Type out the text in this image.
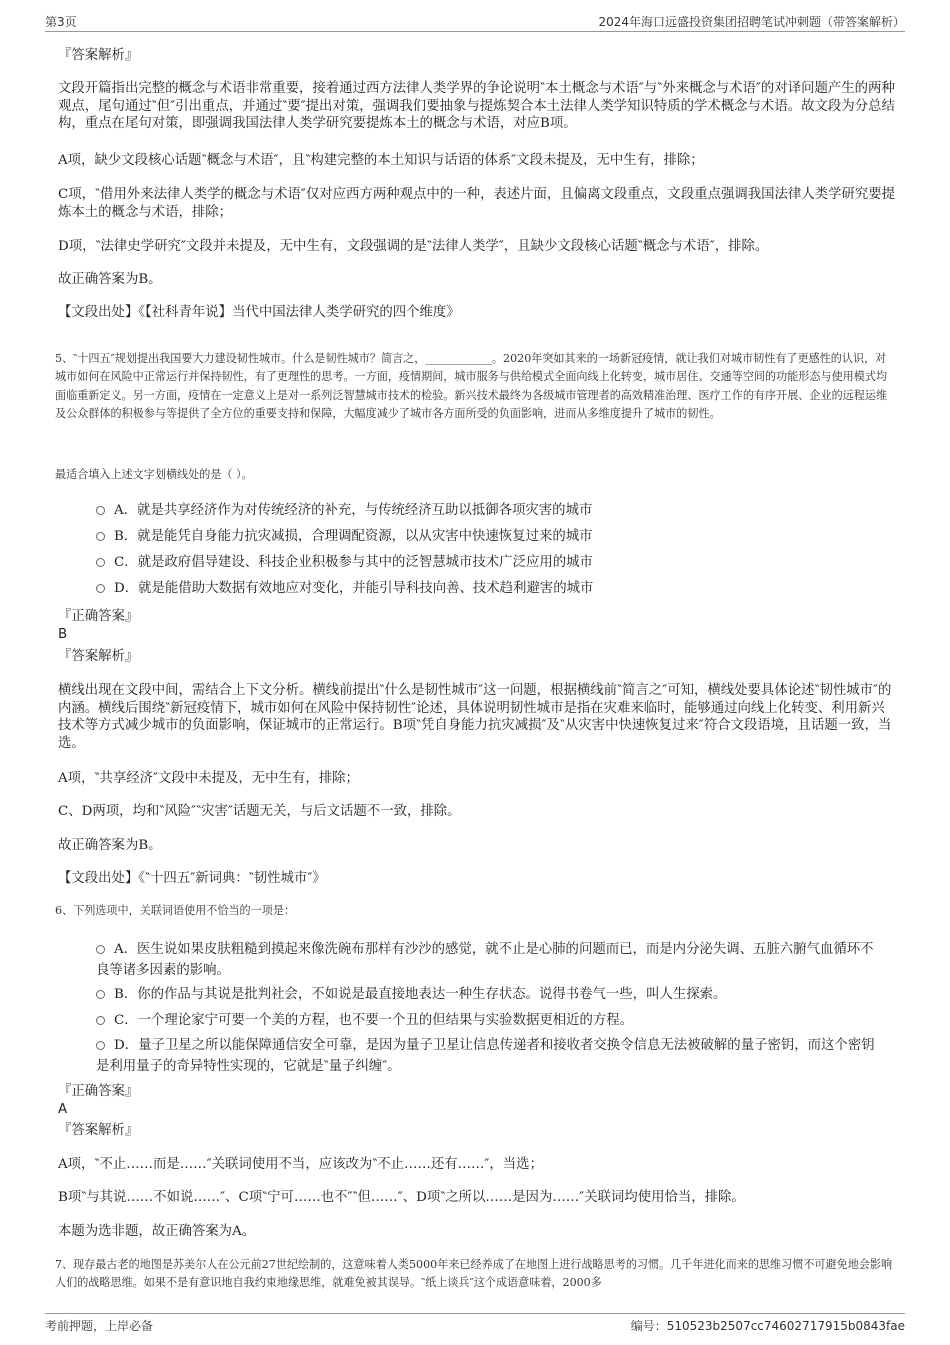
第3页	2024年海口远盛投资集团招聘笔试冲刺题（带答案解析）
『答案解析』

文段开篇指出完整的概念与术语非常重要，接着通过西方法律人类学界的争论说明‶本土概念与术语″与‶外来概念与术语″的对译问题产生的两种观点，尾句通过‶但″引出重点，并通过‶要″提出对策，强调我们要抽象与提炼契合本土法律人类学知识特质的学术概念与术语。故文段为分总结构，重点在尾句对策，即强调我国法律人类学研究要提炼本土的概念与术语，对应B项。

A项，缺少文段核心话题‶概念与术语″，且‶构建完整的本土知识与话语的体系″文段未提及，无中生有，排除；

C项，‶借用外来法律人类学的概念与术语″仅对应西方两种观点中的一种，表述片面，且偏离文段重点，文段重点强调我国法律人类学研究要提炼本土的概念与术语，排除；

D项，‶法律史学研究″文段并未提及，无中生有，文段强调的是‶法律人类学″，且缺少文段核心话题‶概念与术语″，排除。

故正确答案为B。

【文段出处】《【社科青年说】当代中国法律人类学研究的四个维度》

5、‶十四五″规划提出我国要大力建设韧性城市。什么是韧性城市？简言之，____________。2020年突如其来的一场新冠疫情，就让我们对城市韧性有了更感性的认识，对城市如何在风险中正常运行并保持韧性，有了更理性的思考。一方面，疫情期间，城市服务与供给模式全面向线上化转变，城市居住、交通等空间的功能形态与使用模式均面临重新定义。另一方面，疫情在一定意义上是对一系列泛智慧城市技术的检验。新兴技术最终为各级城市管理者的高效精准治理、医疗工作的有序开展、企业的远程运维及公众群体的积极参与等提供了全方位的重要支持和保障，大幅度减少了城市各方面所受的负面影响，进而从多维度提升了城市的韧性。

最适合填入上述文字划横线处的是（ ）。

A．就是共享经济作为对传统经济的补充，与传统经济互助以抵御各项灾害的城市
B．就是能凭自身能力抗灾减损，合理调配资源，以从灾害中快速恢复过来的城市
C．就是政府倡导建设、科技企业积极参与其中的泛智慧城市技术广泛应用的城市
D．就是能借助大数据有效地应对变化，并能引导科技向善、技术趋利避害的城市
『正确答案』
B
『答案解析』

横线出现在文段中间，需结合上下文分析。横线前提出‶什么是韧性城市″这一问题，根据横线前‶简言之″可知，横线处要具体论述‶韧性城市″的内涵。横线后围绕‶新冠疫情下，城市如何在风险中保持韧性″论述，具体说明韧性城市是指在灾难来临时，能够通过向线上化转变、利用新兴技术等方式减少城市的负面影响，保证城市的正常运行。B项‶凭自身能力抗灾减损″及‶从灾害中快速恢复过来″符合文段语境，且话题一致，当选。

A项，‶共享经济″文段中未提及，无中生有，排除；

C、D两项，均和‶风险″‶灾害″话题无关，与后文话题不一致，排除。

故正确答案为B。

【文段出处】《‶十四五″新词典：‶韧性城市″》

6、下列选项中，关联词语使用不恰当的一项是：

A．医生说如果皮肤粗糙到摸起来像洗碗布那样有沙沙的感觉，就不止是心肺的问题而已，而是内分泌失调、五脏六腑气血循环不良等诸多因素的影响。
B．你的作品与其说是批判社会，不如说是最直接地表达一种生存状态。说得书卷气一些，叫人生探索。
C．一个理论家宁可要一个美的方程，也不要一个丑的但结果与实验数据更相近的方程。
D．量子卫星之所以能保障通信安全可靠，是因为量子卫星让信息传递者和接收者交换令信息无法被破解的量子密钥，而这个密钥是利用量子的奇异特性实现的，它就是‶量子纠缠″。
『正确答案』
A
『答案解析』

A项，‶不止……而是……″关联词使用不当，应该改为‶不止……还有……″，当选；

B项‶与其说……不如说……″、C项‶宁可……也不″‶但……″、D项‶之所以……是因为……″关联词均使用恰当，排除。

本题为选非题，故正确答案为A。

7、现存最古老的地图是苏美尔人在公元前27世纪绘制的，这意味着人类5000年来已经养成了在地图上进行战略思考的习惯。几千年进化而来的思维习惯不可避免地会影响人们的战略思维。如果不是有意识地自我约束地缘思维，就难免被其误导。‶纸上谈兵″这个成语意味着，2000多

考前押题，上岸必备	编号：510523b2507cc74602717915b0843fae
